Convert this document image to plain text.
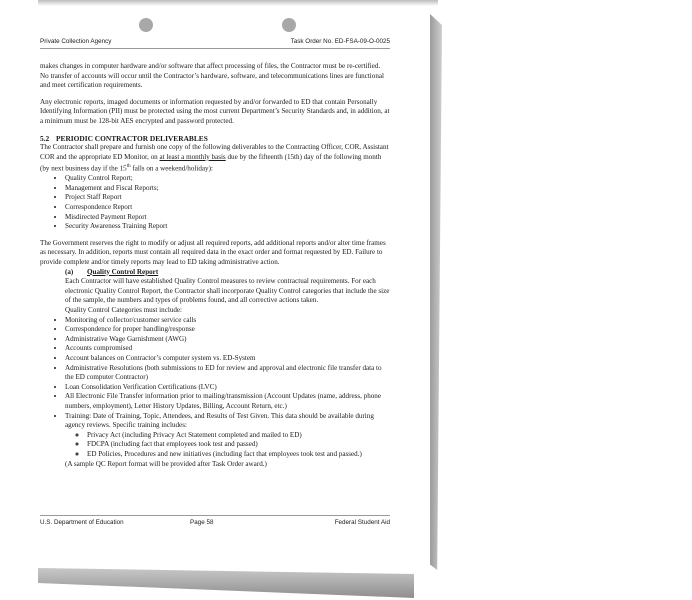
Private Collection Agency	Task Order No. ED-FSA-09-O-0025

makes changes in computer hardware and/or software that affect processing of files, the Contractor must be re-certified. No transfer of accounts will occur until the Contractor’s hardware, software, and telecommunications lines are functional and meet certification requirements.

Any electronic reports, imaged documents or information requested by and/or forwarded to ED that contain Personally Identifying Information (PII) must be protected using the most current Department’s Security Standards and, in addition, at a minimum must be 128-bit AES encrypted and password protected.

5.2 PERIODIC CONTRACTOR DELIVERABLES
The Contractor shall prepare and furnish one copy of the following deliverables to the Contracting Officer, COR, Assistant COR and the appropriate ED Monitor, on at least a monthly basis due by the fifteenth (15th) day of the following month (by next business day if the 15th falls on a weekend/holiday):
• Quality Control Report;
• Management and Fiscal Reports;
• Project Staff Report
• Correspondence Report
• Misdirected Payment Report
• Security Awareness Training Report

The Government reserves the right to modify or adjust all required reports, add additional reports and/or alter time frames as necessary. In addition, reports must contain all required data in the exact order and format requested by ED. Failure to provide complete and/or timely reports may lead to ED taking administrative action.

(a) Quality Control Report
Each Contractor will have established Quality Control measures to review contractual requirements. For each electronic Quality Control Report, the Contractor shall incorporate Quality Control categories that include the size of the sample, the numbers and types of problems found, and all corrective actions taken.
Quality Control Categories must include:
• Monitoring of collector/customer service calls
• Correspondence for proper handling/response
• Administrative Wage Garnishment (AWG)
• Accounts compromised
• Account balances on Contractor’s computer system vs. ED-System
• Administrative Resolutions (both submissions to ED for review and approval and electronic file transfer data to the ED computer Contractor)
• Loan Consolidation Verification Certifications (LVC)
• All Electronic File Transfer information prior to mailing/transmission (Account Updates (name, address, phone numbers, employment), Letter History Updates, Billing, Account Return, etc.)
• Training: Date of Training, Topic, Attendees, and Results of Test Given. This data should be available during agency reviews. Specific training includes:
◦ Privacy Act (including Privacy Act Statement completed and mailed to ED)
◦ FDCPA (including fact that employees took test and passed)
◦ ED Policies, Procedures and new initiatives (including fact that employees took test and passed.)
(A sample QC Report format will be provided after Task Order award.)
U.S. Department of Education	Page 58	Federal Student Aid
